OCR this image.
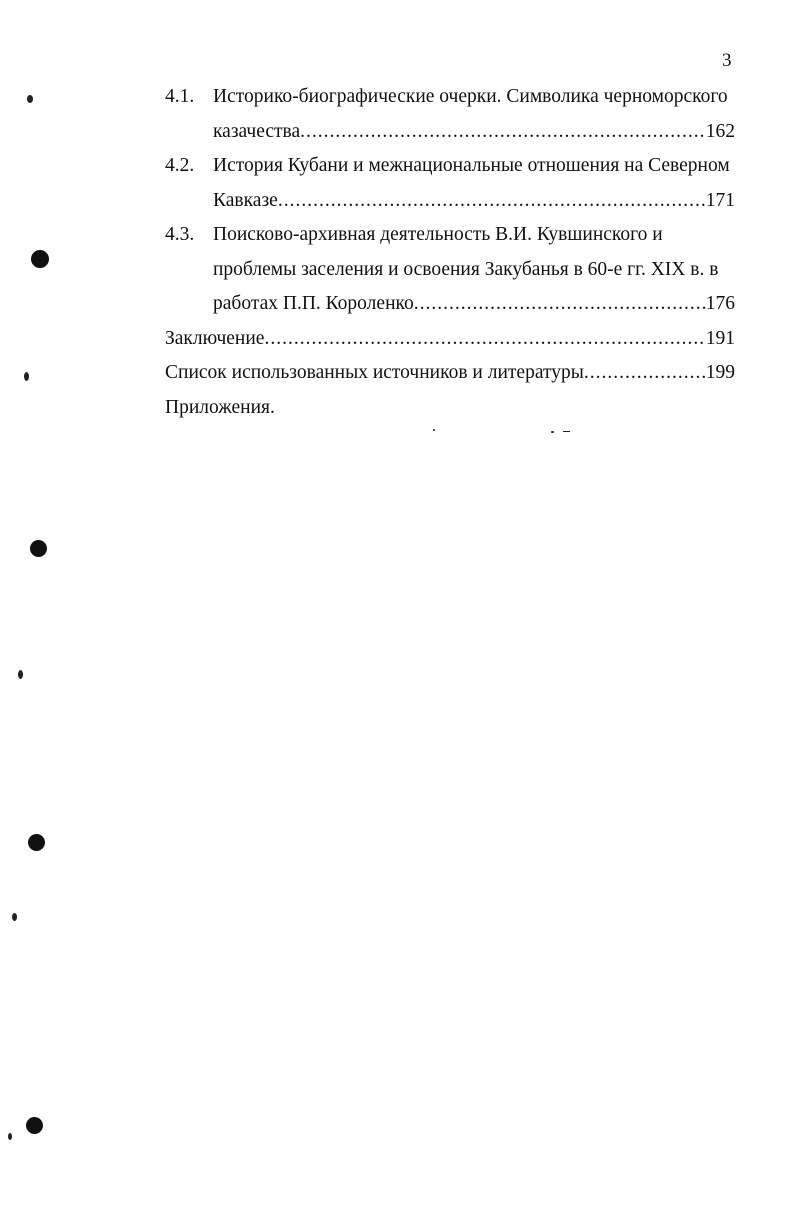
3
4.1. Историко-биографические очерки. Символика черноморского
казачества .....	162
4.2. История Кубани и межнациональные отношения на Северном
Кавказе .....	171
4.3. Поисково-архивная деятельность В.И. Кувшинского и
проблемы заселения и освоения Закубанья в 60-е гг. XIX в. в
работах П.П. Короленко .....	176
Заключение .....	191
Список использованных источников и литературы .....	199
Приложения.
